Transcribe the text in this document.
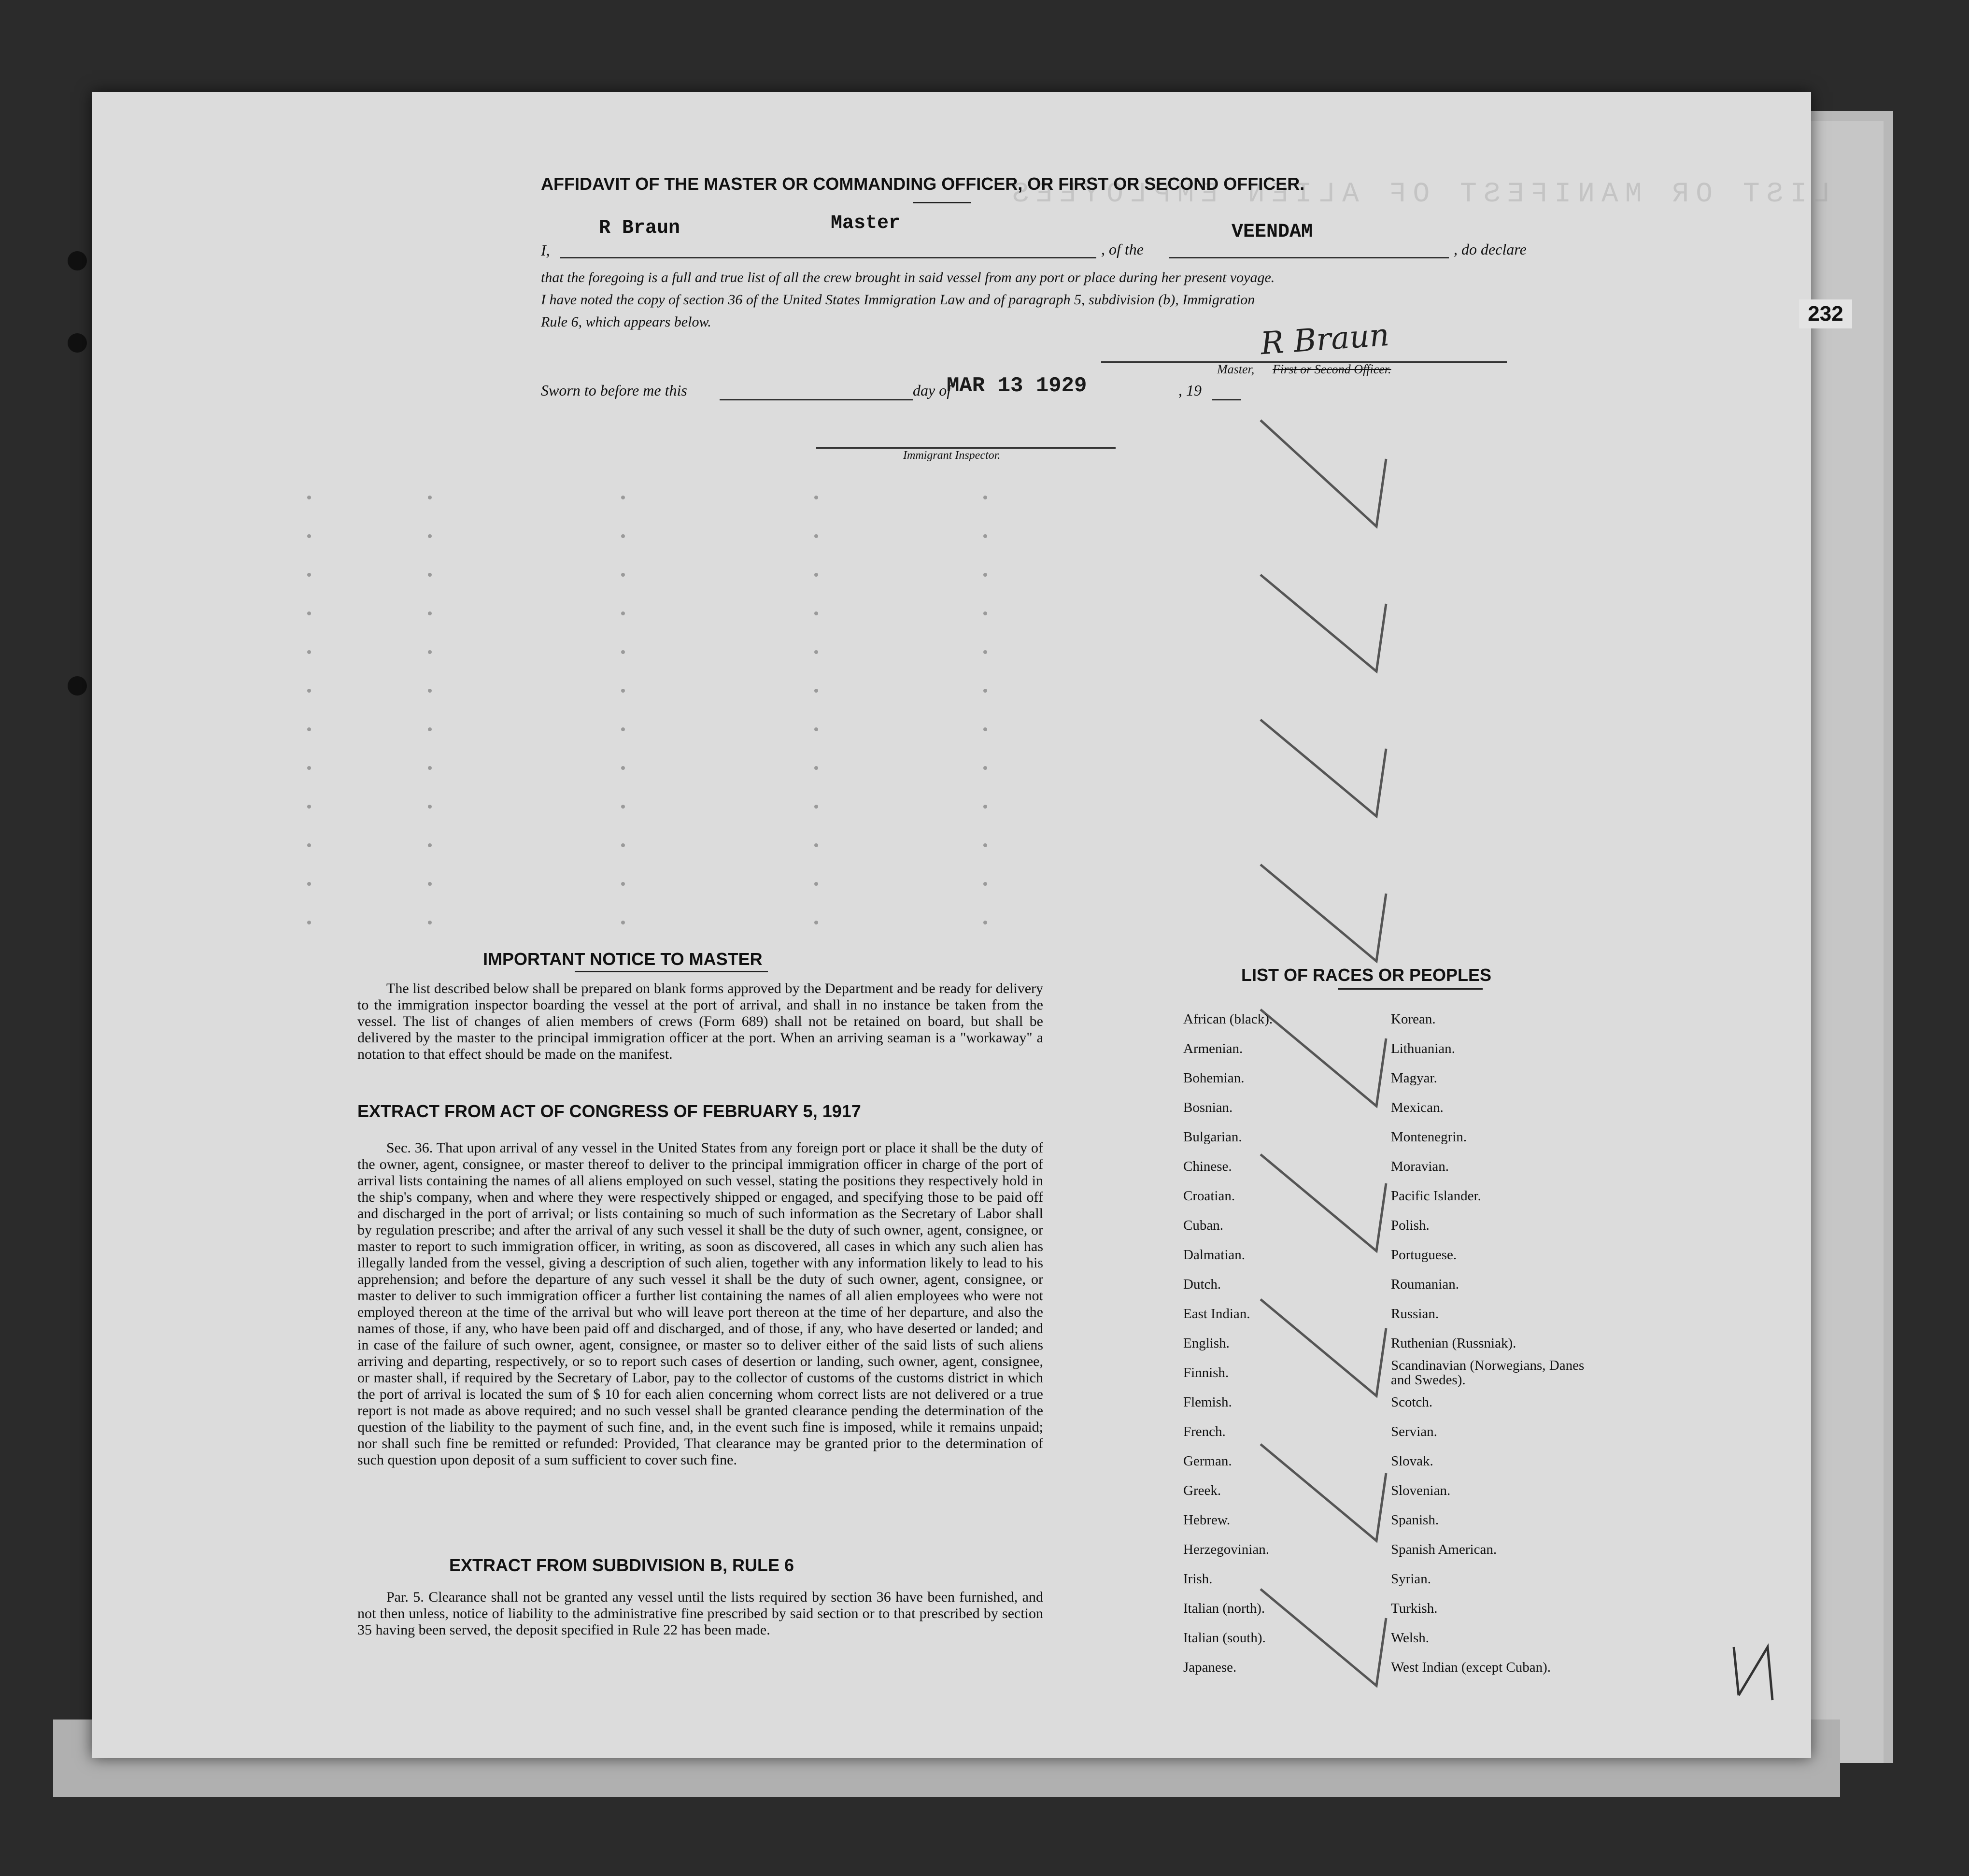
LIST OR MANIFEST OF ALIEN EMPLOYEES
AFFIDAVIT OF THE MASTER OR COMMANDING OFFICER, OR FIRST OR SECOND OFFICER.
I,
R Braun	Master
, of the
VEENDAM
, do declare
that the foregoing is a full and true list of all the crew brought in said vessel from any port or place during her present voyage.
I have noted the copy of section 36 of the United States Immigration Law and of paragraph 5, subdivision (b), Immigration
Rule 6, which appears below.	R Braun
Master, First or Second Officer.
Sworn to before me this	day of
MAR 13 1929	, 19
Immigrant Inspector.
IMPORTANT NOTICE TO MASTER
The list described below shall be prepared on blank forms approved by the Department and be ready for delivery to the immigration inspector boarding the vessel at the port of arrival, and shall in no instance be taken from the vessel. The list of changes of alien members of crews (Form 689) shall not be retained on board, but shall be delivered by the master to the principal immigration officer at the port. When an arriving seaman is a "workaway" a notation to that effect should be made on the manifest.
EXTRACT FROM ACT OF CONGRESS OF FEBRUARY 5, 1917
Sec. 36. That upon arrival of any vessel in the United States from any foreign port or place it shall be the duty of the owner, agent, consignee, or master thereof to deliver to the principal immigration officer in charge of the port of arrival lists containing the names of all aliens employed on such vessel, stating the positions they respectively hold in the ship's company, when and where they were respectively shipped or engaged, and specifying those to be paid off and discharged in the port of arrival; or lists containing so much of such information as the Secretary of Labor shall by regulation prescribe; and after the arrival of any such vessel it shall be the duty of such owner, agent, consignee, or master to report to such immigration officer, in writing, as soon as discovered, all cases in which any such alien has illegally landed from the vessel, giving a description of such alien, together with any information likely to lead to his apprehension; and before the departure of any such vessel it shall be the duty of such owner, agent, consignee, or master to deliver to such immigration officer a further list containing the names of all alien employees who were not employed thereon at the time of the arrival but who will leave port thereon at the time of her departure, and also the names of those, if any, who have been paid off and discharged, and of those, if any, who have deserted or landed; and in case of the failure of such owner, agent, consignee, or master so to deliver either of the said lists of such aliens arriving and departing, respectively, or so to report such cases of desertion or landing, such owner, agent, consignee, or master shall, if required by the Secretary of Labor, pay to the collector of customs of the customs district in which the port of arrival is located the sum of $ 10 for each alien concerning whom correct lists are not delivered or a true report is not made as above required; and no such vessel shall be granted clearance pending the determination of the question of the liability to the payment of such fine, and, in the event such fine is imposed, while it remains unpaid; nor shall such fine be remitted or refunded: Provided, That clearance may be granted prior to the determination of such question upon deposit of a sum sufficient to cover such fine.
EXTRACT FROM SUBDIVISION B, RULE 6
Par. 5. Clearance shall not be granted any vessel until the lists required by section 36 have been furnished, and not then unless, notice of liability to the administrative fine prescribed by said section or to that prescribed by section 35 having been served, the deposit specified in Rule 22 has been made.
LIST OF RACES OR PEOPLES
African (black).
Armenian.
Bohemian.
Bosnian.
Bulgarian.
Chinese.
Croatian.
Cuban.
Dalmatian.
Dutch.
East Indian.
English.
Finnish.
Flemish.
French.
German.
Greek.
Hebrew.
Herzegovinian.
Irish.
Italian (north).
Italian (south).
Japanese.
Korean.
Lithuanian.
Magyar.
Mexican.
Montenegrin.
Moravian.
Pacific Islander.
Polish.
Portuguese.
Roumanian.
Russian.
Ruthenian (Russniak).
Scandinavian (Norwegians, Danes and Swedes).
Scotch.
Servian.
Slovak.
Slovenian.
Spanish.
Spanish American.
Syrian.
Turkish.
Welsh.
West Indian (except Cuban).
232
